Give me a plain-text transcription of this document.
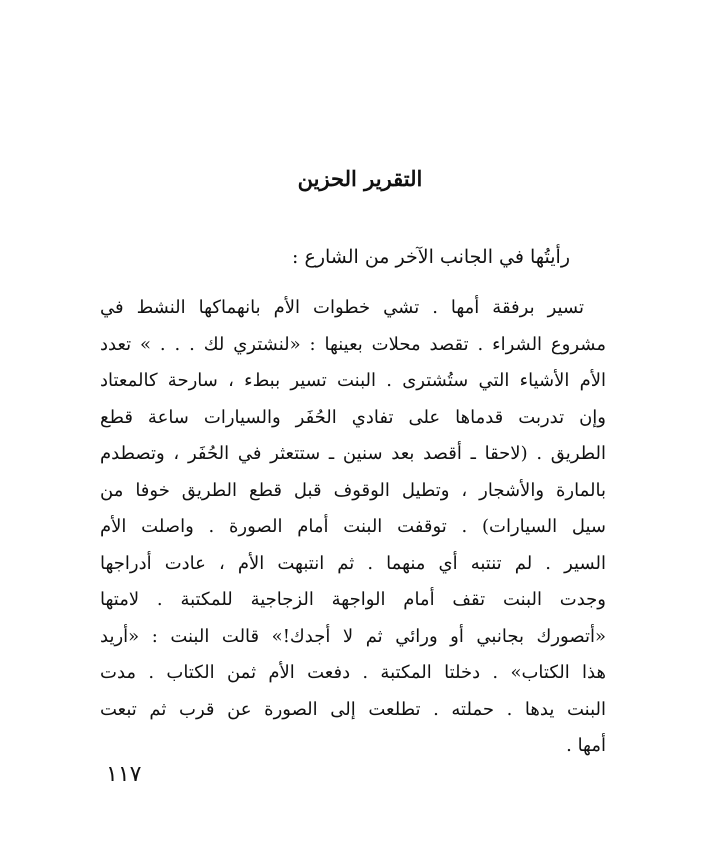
التقرير الحزين

رأيتُها في الجانب الآخر من الشارع :

تسير برفقة أمها . تشي خطوات الأم بانهماكها النشط في
مشروع الشراء . تقصد محلات بعينها : «لنشتري لك . . . » تعدد
الأم الأشياء التي ستُشترى . البنت تسير ببطء ، سارحة كالمعتاد
وإن تدربت قدماها على تفادي الحُفَر والسيارات ساعة قطع
الطريق . (لاحقا ـ أقصد بعد سنين ـ ستتعثر في الحُفَر ، وتصطدم
بالمارة والأشجار ، وتطيل الوقوف قبل قطع الطريق خوفا من
سيل السيارات) . توقفت البنت أمام الصورة . واصلت الأم
السير . لم تنتبه أي منهما . ثم انتبهت الأم ، عادت أدراجها
وجدت البنت تقف أمام الواجهة الزجاجية للمكتبة . لامتها
«أتصورك بجانبي أو ورائي ثم لا أجدك!» قالت البنت : «أريد
هذا الكتاب» . دخلتا المكتبة . دفعت الأم ثمن الكتاب . مدت
البنت يدها . حملته . تطلعت إلى الصورة عن قرب ثم تبعت
أمها .

١١٧
